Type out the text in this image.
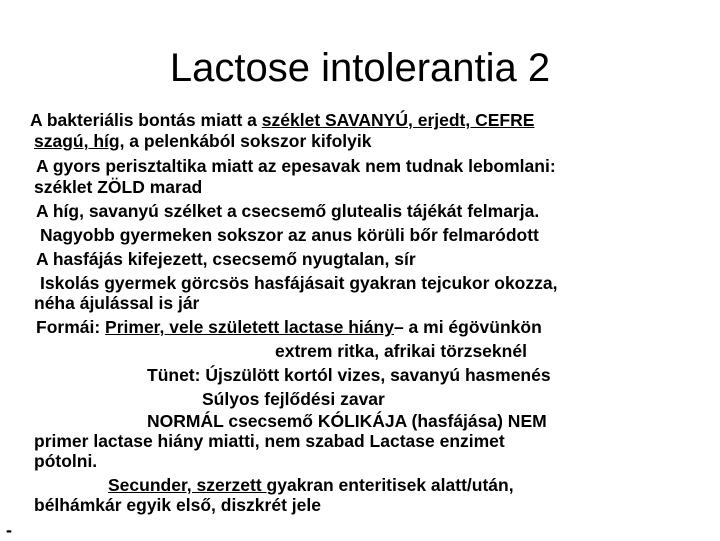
Lactose intolerantia 2
A bakteriális bontás miatt a széklet SAVANYÚ, erjedt, CEFRE
szagú, híg, a pelenkából sokszor kifolyik
A gyors perisztaltika miatt az epesavak nem tudnak lebomlani:
széklet ZÖLD marad
A híg, savanyú szélket a csecsemő glutealis tájékát felmarja.
Nagyobb gyermeken sokszor az anus körüli bőr felmaródott
A hasfájás kifejezett, csecsemő nyugtalan, sír
Iskolás gyermek görcsös hasfájásait gyakran tejcukor okozza,
néha ájulással is jár
Formái: Primer, vele született lactase hiány– a mi égövünkön
extrem ritka, afrikai törzseknél
Tünet: Újszülött kortól vizes, savanyú hasmenés
Súlyos fejlődési zavar
NORMÁL csecsemő KÓLIKÁJA (hasfájása) NEM
primer lactase hiány miatti, nem szabad Lactase enzimet
pótolni.
Secunder, szerzett gyakran enteritisek alatt/után,
bélhámkár egyik első, diszkrét jele
-
